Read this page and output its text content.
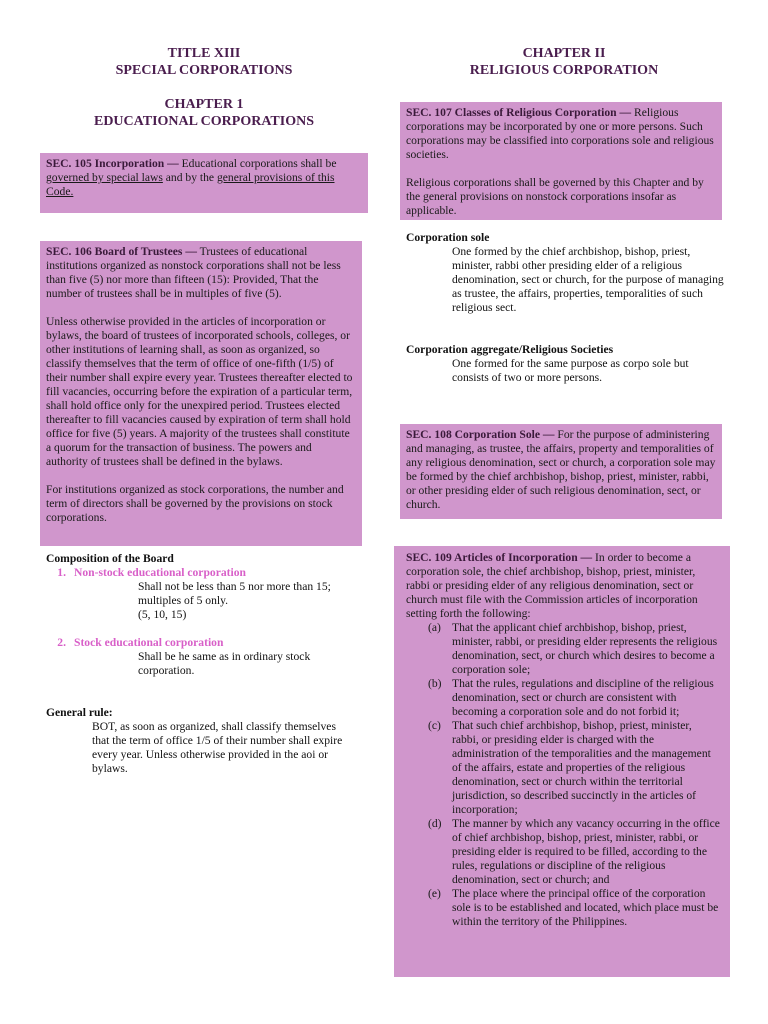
TITLE XIII
SPECIAL CORPORATIONS
CHAPTER 1
EDUCATIONAL CORPORATIONS

SEC. 105 Incorporation — Educational corporations shall be governed by special laws and by the general provisions of this Code.

SEC. 106 Board of Trustees — Trustees of educational institutions organized as nonstock corporations shall not be less than five (5) nor more than fifteen (15): Provided, That the number of trustees shall be in multiples of five (5).

Unless otherwise provided in the articles of incorporation or bylaws, the board of trustees of incorporated schools, colleges, or other institutions of learning shall, as soon as organized, so classify themselves that the term of office of one-fifth (1/5) of their number shall expire every year. Trustees thereafter elected to fill vacancies, occurring before the expiration of a particular term, shall hold office only for the unexpired period. Trustees elected thereafter to fill vacancies caused by expiration of term shall hold office for five (5) years. A majority of the trustees shall constitute a quorum for the transaction of business. The powers and authority of trustees shall be defined in the bylaws.

For institutions organized as stock corporations, the number and term of directors shall be governed by the provisions on stock corporations.

Composition of the Board

1. Non-stock educational corporation

Shall not be less than 5 nor more than 15;

multiples of 5 only.

(5, 10, 15)

2. Stock educational corporation

Shall be he same as in ordinary stock

corporation.

General rule:

BOT, as soon as organized, shall classify themselves that the term of office 1/5 of their number shall expire every year. Unless otherwise provided in the aoi or bylaws.

CHAPTER II
RELIGIOUS CORPORATION

SEC. 107 Classes of Religious Corporation — Religious corporations may be incorporated by one or more persons. Such corporations may be classified into corporations sole and religious societies.

Religious corporations shall be governed by this Chapter and by the general provisions on nonstock corporations insofar as applicable.

Corporation sole

One formed by the chief archbishop, bishop, priest, minister, rabbi other presiding elder of a religious denomination, sect or church, for the purpose of managing as trustee, the affairs, properties, temporalities of such religious sect.

Corporation aggregate/Religious Societies

One formed for the same purpose as corpo sole but consists of two or more persons.

SEC. 108 Corporation Sole — For the purpose of administering and managing, as trustee, the affairs, property and temporalities of any religious denomination, sect or church, a corporation sole may be formed by the chief archbishop, bishop, priest, minister, rabbi, or other presiding elder of such religious denomination, sect, or church.

SEC. 109 Articles of Incorporation — In order to become a corporation sole, the chief archbishop, bishop, priest, minister, rabbi or presiding elder of any religious denomination, sect or church must file with the Commission articles of incorporation setting forth the following:

(a) That the applicant chief archbishop, bishop, priest, minister, rabbi, or presiding elder represents the religious denomination, sect, or church which desires to become a corporation sole;
(b) That the rules, regulations and discipline of the religious denomination, sect or church are consistent with becoming a corporation sole and do not forbid it;
(c) That such chief archbishop, bishop, priest, minister, rabbi, or presiding elder is charged with the administration of the temporalities and the management of the affairs, estate and properties of the religious denomination, sect or church within the territorial jurisdiction, so described succinctly in the articles of incorporation;
(d) The manner by which any vacancy occurring in the office of chief archbishop, bishop, priest, minister, rabbi, or presiding elder is required to be filled, according to the rules, regulations or discipline of the religious denomination, sect or church; and
(e) The place where the principal office of the corporation sole is to be established and located, which place must be within the territory of the Philippines.
